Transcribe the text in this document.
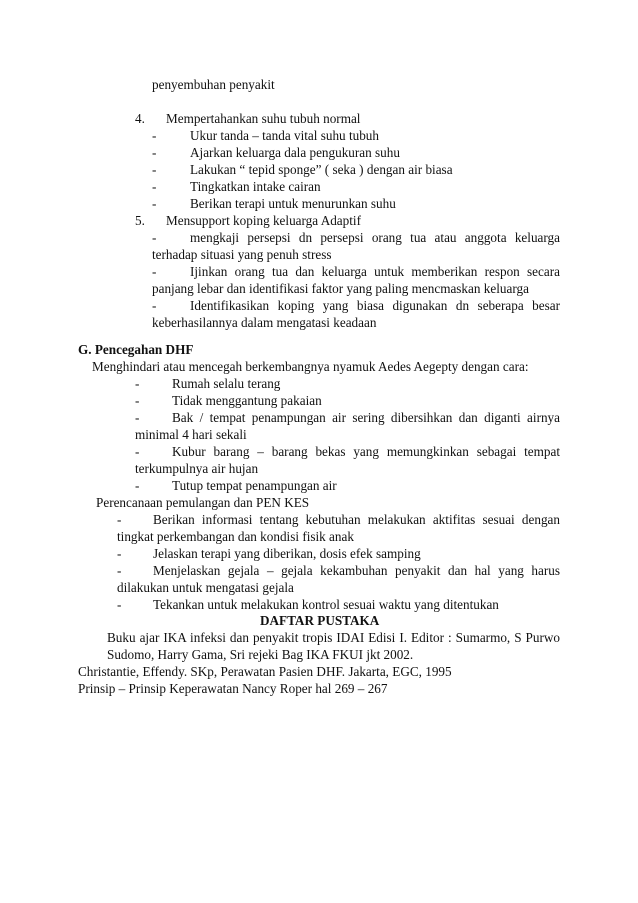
penyembuhan penyakit
4. Mempertahankan suhu tubuh normal
-	Ukur tanda – tanda vital suhu tubuh
-	Ajarkan keluarga dala pengukuran suhu
-	Lakukan “ tepid sponge” ( seka ) dengan air biasa
-	Tingkatkan intake cairan
-	Berikan terapi untuk menurunkan suhu
5. Mensupport koping keluarga Adaptif
-	mengkaji persepsi dn persepsi orang tua atau anggota keluarga
terhadap situasi yang penuh stress
-	Ijinkan orang tua dan keluarga untuk memberikan respon secara
panjang lebar dan identifikasi faktor yang paling mencmaskan keluarga
-	Identifikasikan koping yang biasa digunakan dn seberapa besar
keberhasilannya dalam mengatasi keadaan
G. Pencegahan DHF
Menghindari atau mencegah berkembangnya nyamuk Aedes Aegepty dengan cara:
- Rumah selalu terang
- Tidak menggantung pakaian
- Bak / tempat penampungan air sering dibersihkan dan diganti airnya
minimal 4 hari sekali
- Kubur barang – barang bekas yang memungkinkan sebagai tempat
terkumpulnya air hujan
- Tutup tempat penampungan air
Perencanaan pemulangan dan PEN KES
- Berikan informasi tentang kebutuhan melakukan aktifitas sesuai dengan
tingkat perkembangan dan kondisi fisik anak
- Jelaskan terapi yang diberikan, dosis efek samping
- Menjelaskan gejala – gejala kekambuhan penyakit dan hal yang harus
dilakukan untuk mengatasi gejala
- Tekankan untuk melakukan kontrol sesuai waktu yang ditentukan
DAFTAR PUSTAKA
Buku ajar IKA infeksi dan penyakit tropis IDAI Edisi I. Editor : Sumarmo, S Purwo
Sudomo, Harry Gama, Sri rejeki Bag IKA FKUI jkt 2002.
Christantie, Effendy. SKp, Perawatan Pasien DHF. Jakarta, EGC, 1995
Prinsip – Prinsip Keperawatan Nancy Roper hal 269 – 267
